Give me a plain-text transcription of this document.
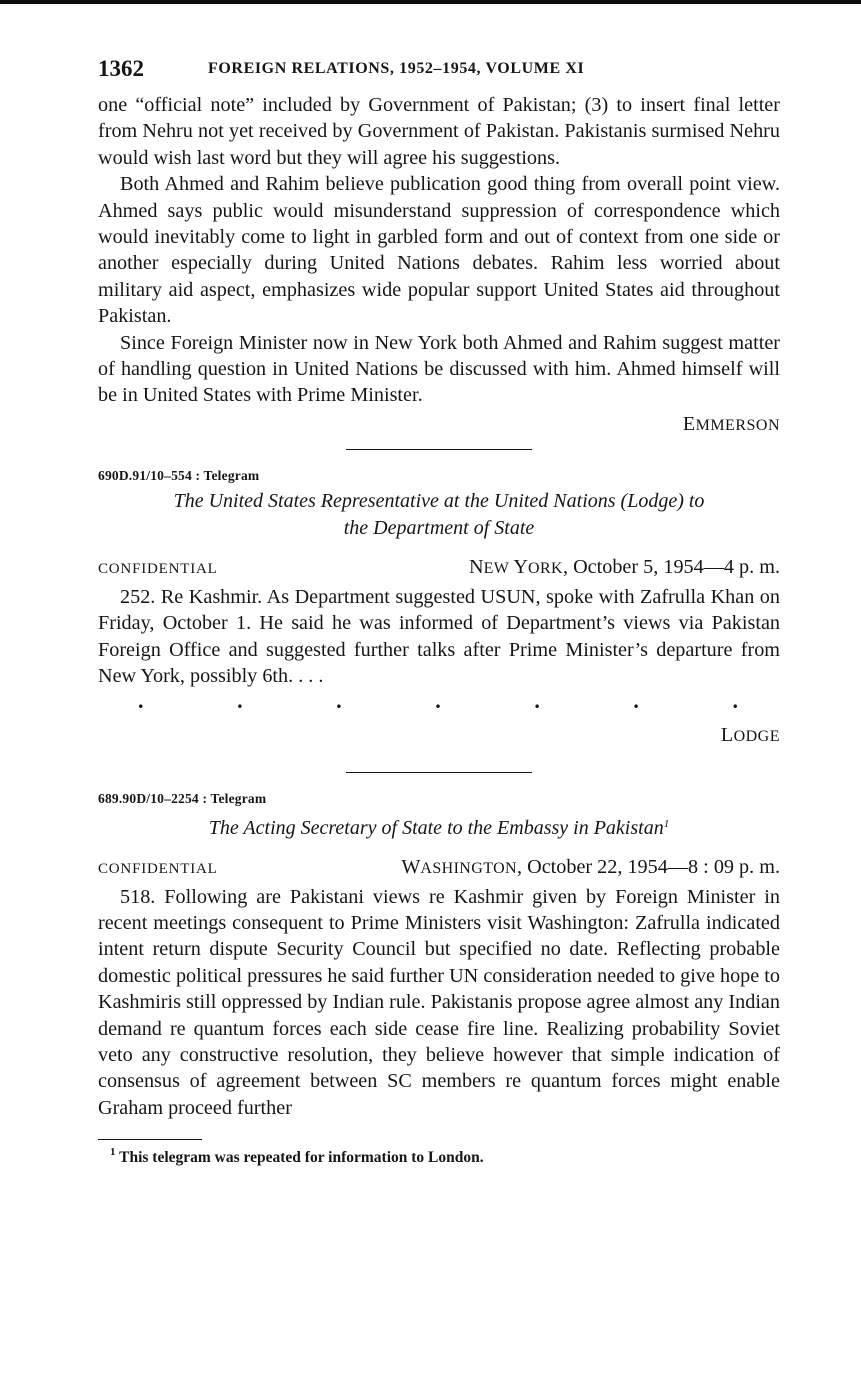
1362	FOREIGN RELATIONS, 1952–1954, VOLUME XI

one “official note” included by Government of Pakistan; (3) to insert final letter from Nehru not yet received by Government of Pakistan. Pakistanis surmised Nehru would wish last word but they will agree his suggestions.

Both Ahmed and Rahim believe publication good thing from overall point view. Ahmed says public would misunderstand suppression of correspondence which would inevitably come to light in garbled form and out of context from one side or another especially during United Nations debates. Rahim less worried about military aid aspect, emphasizes wide popular support United States aid throughout Pakistan.

Since Foreign Minister now in New York both Ahmed and Rahim suggest matter of handling question in United Nations be discussed with him. Ahmed himself will be in United States with Prime Minister.

EMMERSON
690D.91/10–554 : Telegram
The United States Representative at the United Nations (Lodge) to
the Department of State
CONFIDENTIAL	NEW YORK, October 5, 1954—4 p. m.

252. Re Kashmir. As Department suggested USUN, spoke with Zafrulla Khan on Friday, October 1. He said he was informed of Department’s views via Pakistan Foreign Office and suggested further talks after Prime Minister’s departure from New York, possibly 6th. . . .

.	.	.	.	.	.	.
LODGE
689.90D/10–2254 : Telegram
The Acting Secretary of State to the Embassy in Pakistan$^1$
CONFIDENTIAL	WASHINGTON, October 22, 1954—8 : 09 p. m.

518. Following are Pakistani views re Kashmir given by Foreign Minister in recent meetings consequent to Prime Ministers visit Washington: Zafrulla indicated intent return dispute Security Council but specified no date. Reflecting probable domestic political pressures he said further UN consideration needed to give hope to Kashmiris still oppressed by Indian rule. Pakistanis propose agree almost any Indian demand re quantum forces each side cease fire line. Realizing probability Soviet veto any constructive resolution, they believe however that simple indication of consensus of agreement between SC members re quantum forces might enable Graham proceed further

$^1$ This telegram was repeated for information to London.
